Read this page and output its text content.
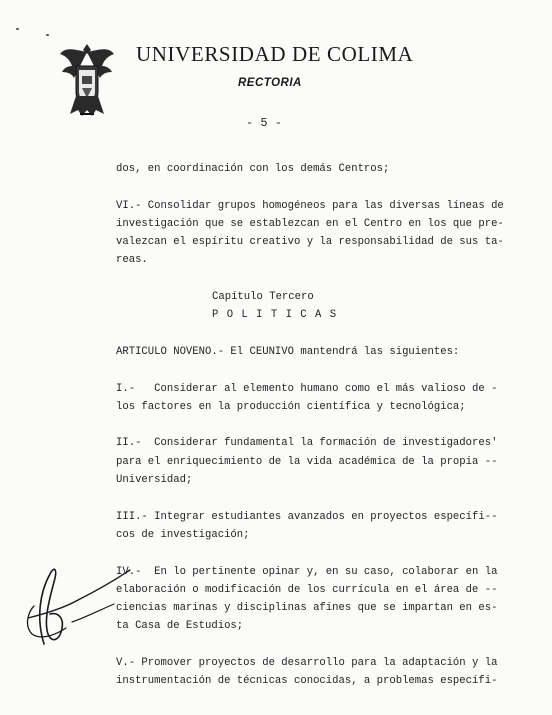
UNIVERSIDAD DE COLIMA
RECTORIA
- 5 -
dos, en coordinación con los demás Centros;
VI.- Consolidar grupos homogéneos para las diversas líneas de
investigación que se establezcan en el Centro en los que pre-
valezcan el espíritu creativo y la responsabilidad de sus ta-
reas.
Capítulo Tercero
P O L I T I C A S
ARTICULO NOVENO.- El CEUNIVO mantendrá las siguientes:
I.-   Considerar al elemento humano como el más valioso de -
los factores en la producción científica y tecnológica;
II.-  Considerar fundamental la formación de investigadores'
para el enriquecimiento de la vida académica de la propia --
Universidad;
III.- Integrar estudiantes avanzados en proyectos específi--
cos de investigación;
IV.-  En lo pertinente opinar y, en su caso, colaborar en la
elaboración o modificación de los currícula en el área de --
ciencias marinas y disciplinas afines que se impartan en es-
ta Casa de Estudios;
V.- Promover proyectos de desarrollo para la adaptación y la
instrumentación de técnicas conocidas, a problemas específi-
